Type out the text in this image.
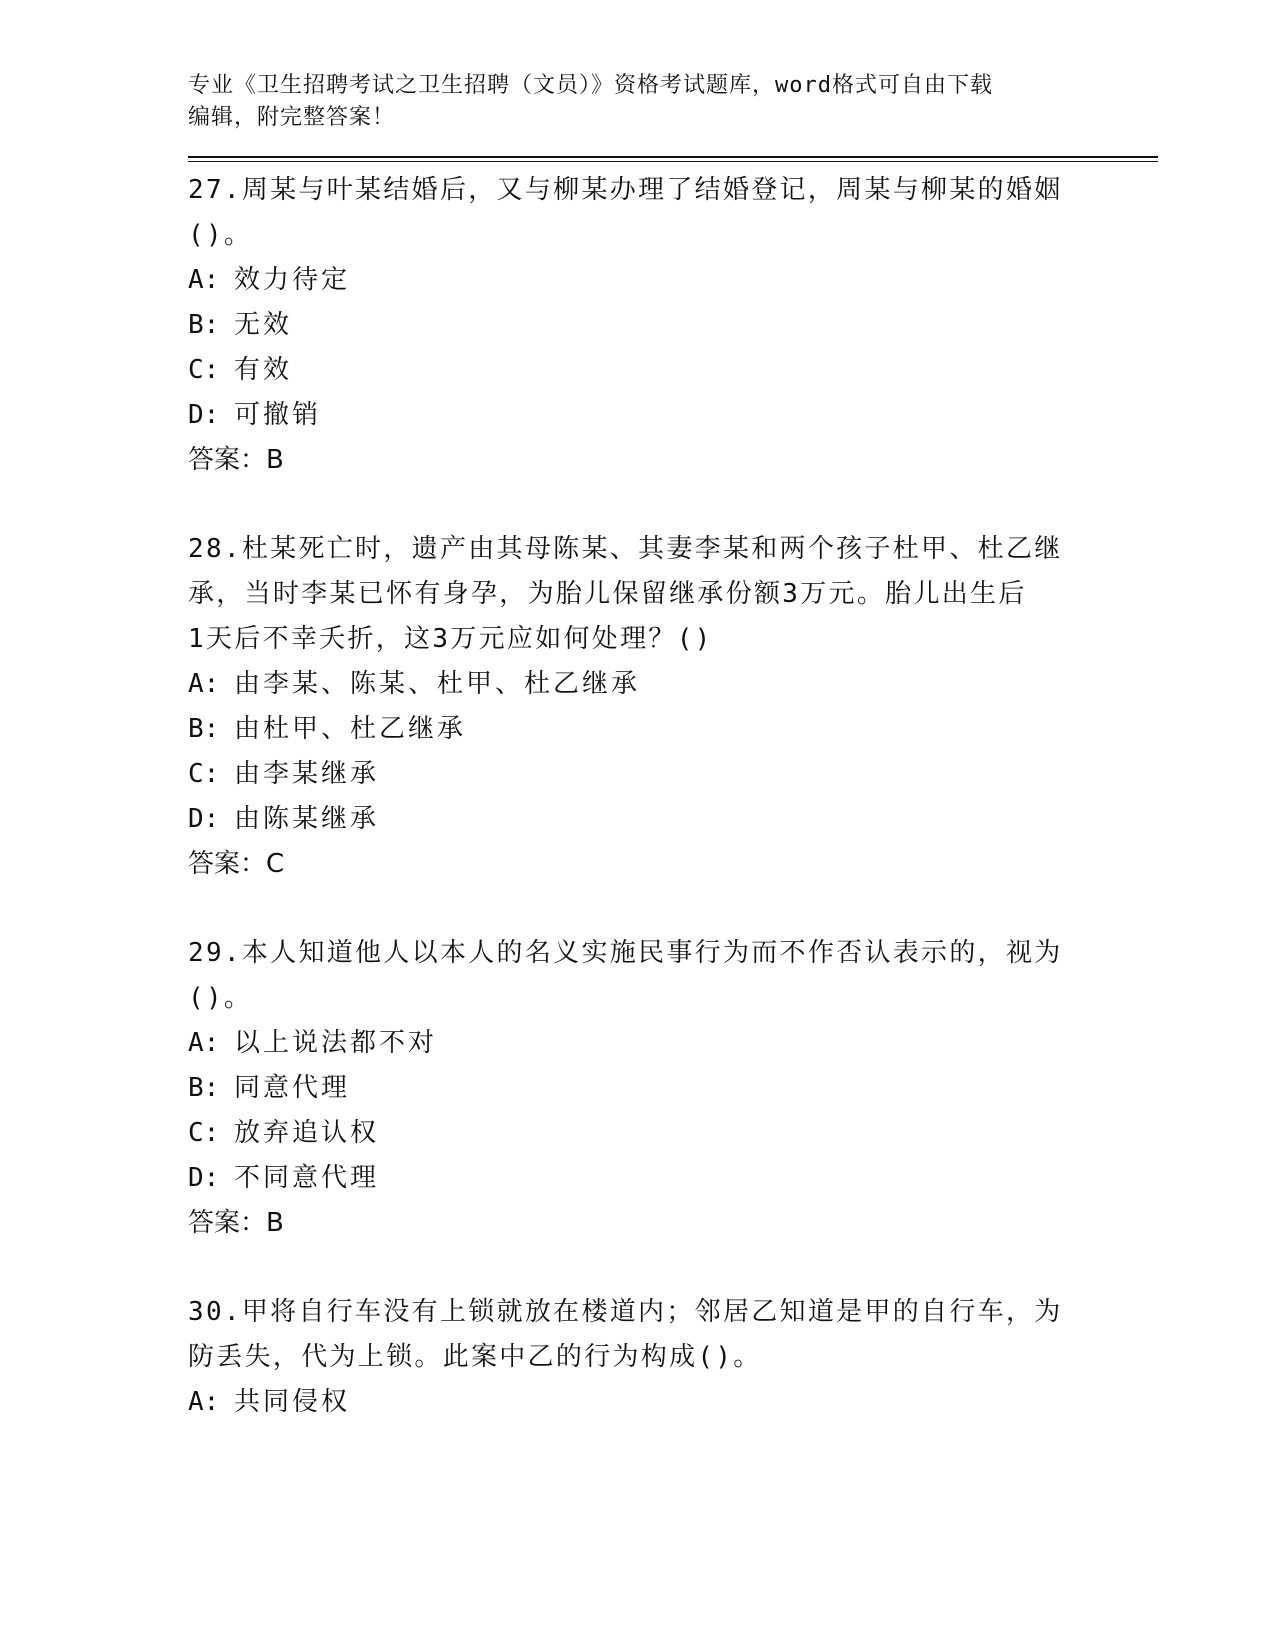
专业《卫生招聘考试之卫生招聘（文员）》资格考试题库，word格式可自由下载
编辑，附完整答案！
27.周某与叶某结婚后，又与柳某办理了结婚登记，周某与柳某的婚姻
()。
A: 效力待定
B: 无效
C: 有效
D: 可撤销
答案：B
28.杜某死亡时，遗产由其母陈某、其妻李某和两个孩子杜甲、杜乙继
承，当时李某已怀有身孕，为胎儿保留继承份额3万元。胎儿出生后
1天后不幸夭折，这3万元应如何处理？()
A: 由李某、陈某、杜甲、杜乙继承
B: 由杜甲、杜乙继承
C: 由李某继承
D: 由陈某继承
答案：C
29.本人知道他人以本人的名义实施民事行为而不作否认表示的，视为
()。
A: 以上说法都不对
B: 同意代理
C: 放弃追认权
D: 不同意代理
答案：B
30.甲将自行车没有上锁就放在楼道内；邻居乙知道是甲的自行车，为
防丢失，代为上锁。此案中乙的行为构成()。
A: 共同侵权
